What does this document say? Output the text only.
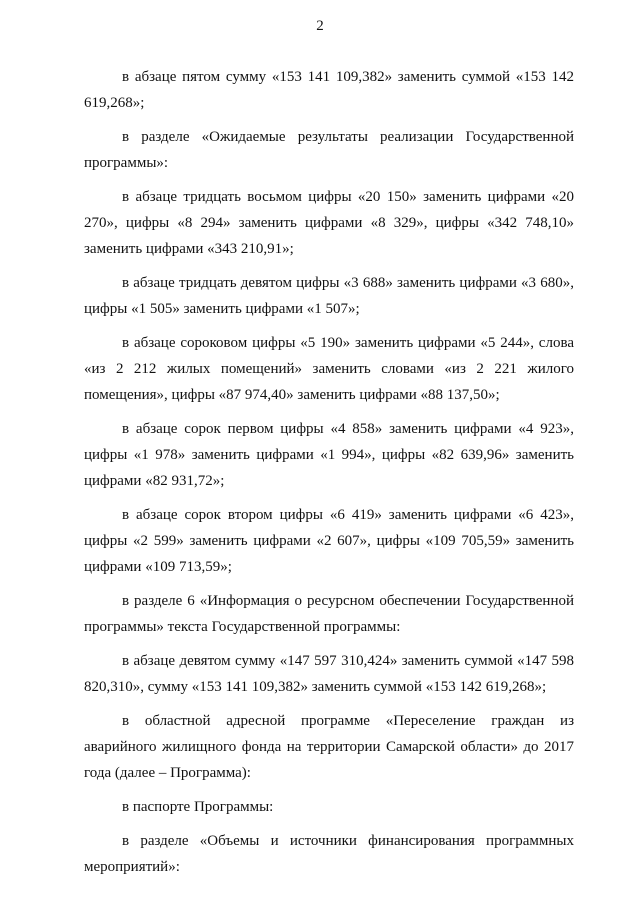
2

в абзаце пятом сумму «153 141 109,382» заменить суммой «153 142 619,268»;

в разделе «Ожидаемые результаты реализации Государственной программы»:

в абзаце тридцать восьмом цифры «20 150» заменить цифрами «20 270», цифры «8 294» заменить цифрами «8 329», цифры «342 748,10» заменить цифрами «343 210,91»;

в абзаце тридцать девятом цифры «3 688» заменить цифрами «3 680», цифры «1 505» заменить цифрами «1 507»;

в абзаце сороковом цифры «5 190» заменить цифрами «5 244», слова «из 2 212 жилых помещений» заменить словами «из 2 221 жилого помещения», цифры «87 974,40» заменить цифрами «88 137,50»;

в абзаце сорок первом цифры «4 858» заменить цифрами «4 923», цифры «1 978» заменить цифрами «1 994», цифры «82 639,96» заменить цифрами «82 931,72»;

в абзаце сорок втором цифры «6 419» заменить цифрами «6 423», цифры «2 599» заменить цифрами «2 607», цифры «109 705,59» заменить цифрами «109 713,59»;

в разделе 6 «Информация о ресурсном обеспечении Государственной программы» текста Государственной программы:

в абзаце девятом сумму «147 597 310,424» заменить суммой «147 598 820,310», сумму «153 141 109,382» заменить суммой «153 142 619,268»;

в областной адресной программе «Переселение граждан из аварийного жилищного фонда на территории Самарской области» до 2017 года (далее – Программа):

в паспорте Программы:

в разделе «Объемы и источники финансирования программных мероприятий»:
